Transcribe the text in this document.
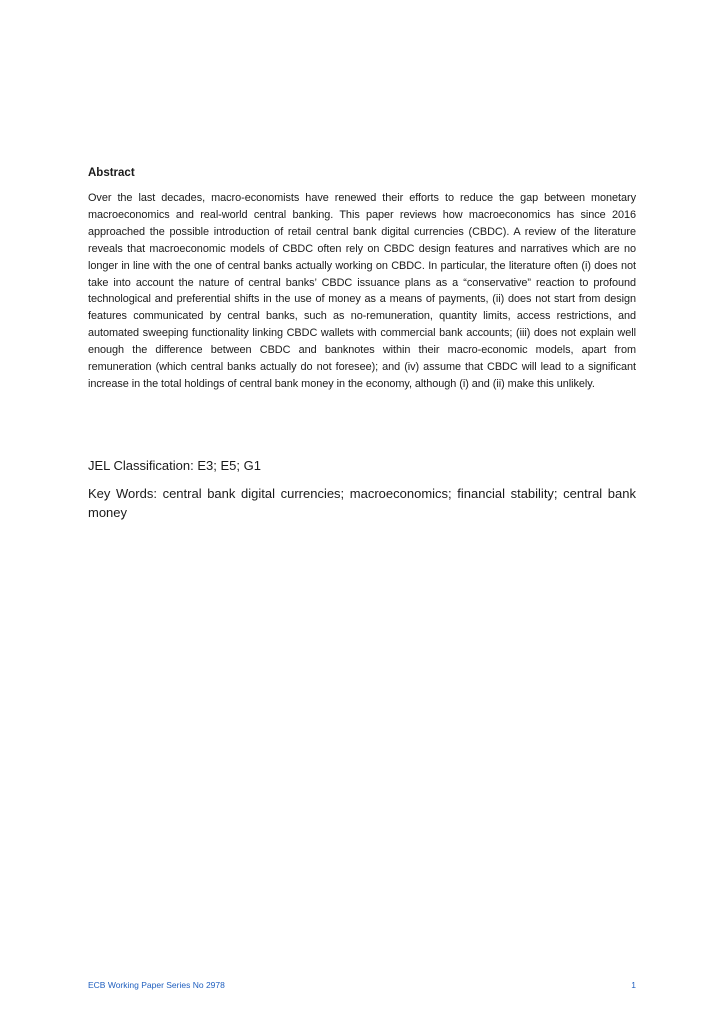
Abstract

Over the last decades, macro-economists have renewed their efforts to reduce the gap between monetary macroeconomics and real-world central banking. This paper reviews how macroeconomics has since 2016 approached the possible introduction of retail central bank digital currencies (CBDC). A review of the literature reveals that macroeconomic models of CBDC often rely on CBDC design features and narratives which are no longer in line with the one of central banks actually working on CBDC. In particular, the literature often (i) does not take into account the nature of central banks’ CBDC issuance plans as a “conservative” reaction to profound technological and preferential shifts in the use of money as a means of payments, (ii) does not start from design features communicated by central banks, such as no-remuneration, quantity limits, access restrictions, and automated sweeping functionality linking CBDC wallets with commercial bank accounts; (iii) does not explain well enough the difference between CBDC and banknotes within their macro-economic models, apart from remuneration (which central banks actually do not foresee); and (iv) assume that CBDC will lead to a significant increase in the total holdings of central bank money in the economy, although (i) and (ii) make this unlikely.

JEL Classification: E3; E5; G1

Key Words: central bank digital currencies; macroeconomics; financial stability; central bank money

ECB Working Paper Series No 2978	1
